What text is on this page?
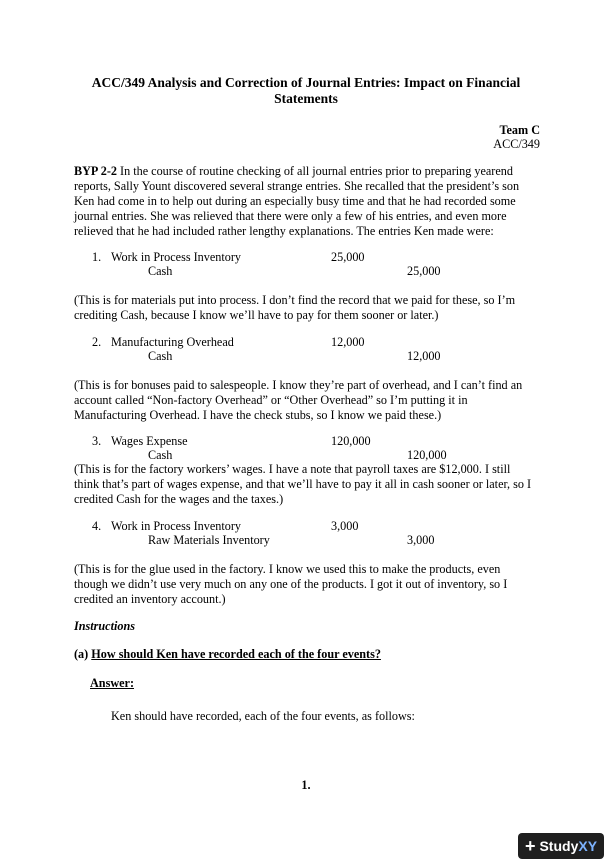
ACC/349 Analysis and Correction of Journal Entries: Impact on Financial
Statements
Team C
ACC/349
BYP 2-2 In the course of routine checking of all journal entries prior to preparing yearend
reports, Sally Yount discovered several strange entries. She recalled that the president’s son
Ken had come in to help out during an especially busy time and that he had recorded some
journal entries. She was relieved that there were only a few of his entries, and even more
relieved that he had included rather lengthy explanations. The entries Ken made were:
1. Work in Process Inventory	25,000
Cash	25,000
(This is for materials put into process. I don’t find the record that we paid for these, so I’m
crediting Cash, because I know we’ll have to pay for them sooner or later.)
2. Manufacturing Overhead	12,000
Cash	12,000
(This is for bonuses paid to salespeople. I know they’re part of overhead, and I can’t find an
account called “Non-factory Overhead” or “Other Overhead” so I’m putting it in
Manufacturing Overhead. I have the check stubs, so I know we paid these.)
3. Wages Expense	120,000
Cash	120,000
(This is for the factory workers’ wages. I have a note that payroll taxes are $12,000. I still
think that’s part of wages expense, and that we’ll have to pay it all in cash sooner or later, so I
credited Cash for the wages and the taxes.)
4. Work in Process Inventory	3,000
Raw Materials Inventory	3,000
(This is for the glue used in the factory. I know we used this to make the products, even
though we didn’t use very much on any one of the products. I got it out of inventory, so I
credited an inventory account.)
Instructions
(a) How should Ken have recorded each of the four events?
Answer:
Ken should have recorded, each of the four events, as follows:
1.
+ StudyXY
